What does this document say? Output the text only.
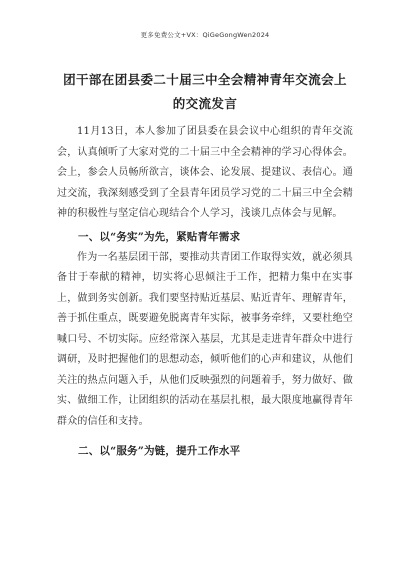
更多免费公文+VX：QiGeGongWen2024
团干部在团县委二十届三中全会精神青年交流会上的交流发言

11月13日，本人参加了团县委在县会议中心组织的青年交流会，认真倾听了大家对党的二十届三中全会精神的学习心得体会。会上，参会人员畅所欲言，谈体会、论发展、提建议、表信心。通过交流，我深刻感受到了全县青年团员学习党的二十届三中全会精神的积极性与坚定信心现结合个人学习，浅谈几点体会与见解。

一、以“务实”为先，紧贴青年需求

作为一名基层团干部，要推动共青团工作取得实效，就必须具备甘于奉献的精神，切实将心思倾注于工作，把精力集中在实事上，做到务实创新。我们要坚持贴近基层、贴近青年、理解青年，善于抓住重点，既要避免脱离青年实际，被事务牵绊，又要杜绝空喊口号、不切实际。应经常深入基层，尤其是走进青年群众中进行调研，及时把握他们的思想动态，倾听他们的心声和建议，从他们关注的热点问题入手，从他们反映强烈的问题着手，努力做好、做实、做细工作，让团组织的活动在基层扎根，最大限度地赢得青年群众的信任和支持。

二、以“服务”为链，提升工作水平
